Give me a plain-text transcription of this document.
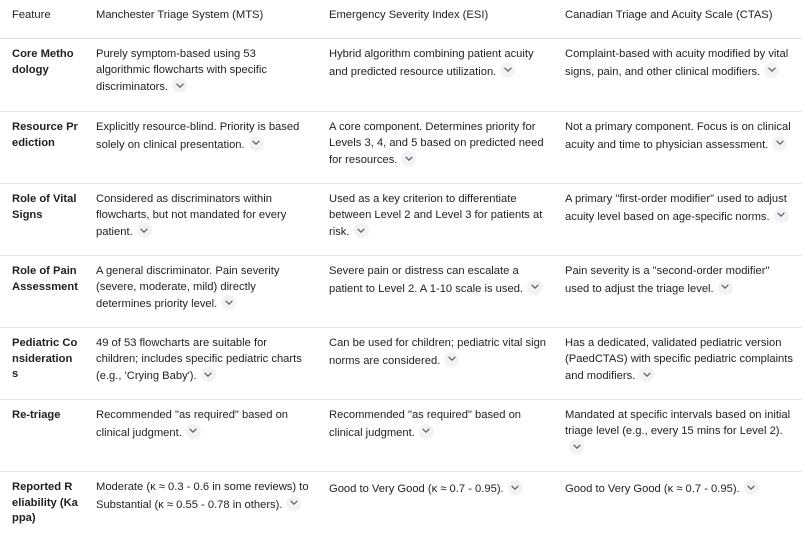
Feature	Manchester Triage System (MTS)	Emergency Severity Index (ESI)	Canadian Triage and Acuity Scale (CTAS)
Core Methodology	Purely symptom-based using 53 algorithmic flowcharts with specific discriminators.	Hybrid algorithm combining patient acuity and predicted resource utilization.	Complaint-based with acuity modified by vital signs, pain, and other clinical modifiers.

Resource Prediction	Explicitly resource-blind. Priority is based solely on clinical presentation.	A core component. Determines priority for Levels 3, 4, and 5 based on predicted need for resources.	Not a primary component. Focus is on clinical acuity and time to physician assessment.

Role of Vital Signs	Considered as discriminators within flowcharts, but not mandated for every patient.	Used as a key criterion to differentiate between Level 2 and Level 3 for patients at risk.	A primary "first-order modifier" used to adjust acuity level based on age-specific norms.

Role of Pain Assessment	A general discriminator. Pain severity (severe, moderate, mild) directly determines priority level.	Severe pain or distress can escalate a patient to Level 2. A 1-10 scale is used.	Pain severity is a "second-order modifier" used to adjust the triage level.

Pediatric Considerations	49 of 53 flowcharts are suitable for children; includes specific pediatric charts (e.g., 'Crying Baby').	Can be used for children; pediatric vital sign norms are considered.	Has a dedicated, validated pediatric version (PaedCTAS) with specific pediatric complaints and modifiers.

Re-triage	Recommended "as required" based on clinical judgment.	Recommended "as required" based on clinical judgment.	Mandated at specific intervals based on initial triage level (e.g., every 15 mins for Level 2).

Reported Reliability (Kappa)	Moderate (κ ≈ 0.3 - 0.6 in some reviews) to Substantial (κ ≈ 0.55 - 0.78 in others).	Good to Very Good (κ ≈ 0.7 - 0.95).	Good to Very Good (κ ≈ 0.7 - 0.95).
